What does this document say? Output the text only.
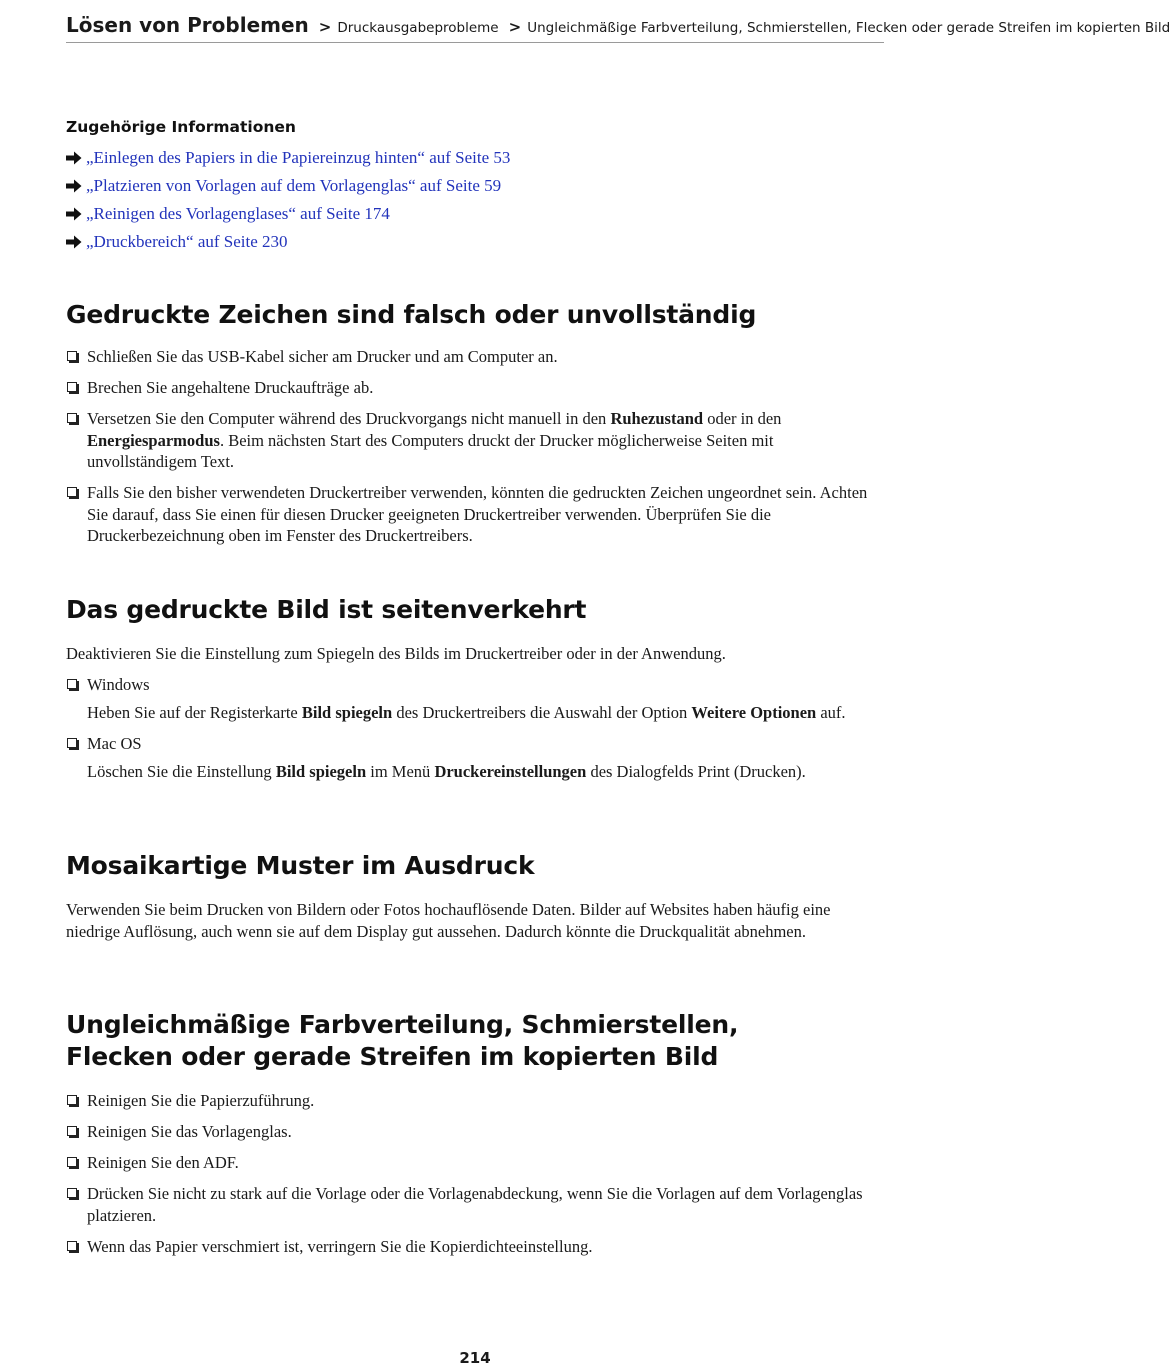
Lösen von Problemen > Druckausgabeprobleme > Ungleichmäßige Farbverteilung, Schmierstellen, Flecken oder gerade Streifen im kopierten Bild
Zugehörige Informationen
„Einlegen des Papiers in die Papiereinzug hinten“ auf Seite 53
„Platzieren von Vorlagen auf dem Vorlagenglas“ auf Seite 59
„Reinigen des Vorlagenglases“ auf Seite 174
„Druckbereich“ auf Seite 230
Gedruckte Zeichen sind falsch oder unvollständig
Schließen Sie das USB-Kabel sicher am Drucker und am Computer an.
Brechen Sie angehaltene Druckaufträge ab.
Versetzen Sie den Computer während des Druckvorgangs nicht manuell in den Ruhezustand oder in den Energiesparmodus. Beim nächsten Start des Computers druckt der Drucker möglicherweise Seiten mit unvollständigem Text.
Falls Sie den bisher verwendeten Druckertreiber verwenden, könnten die gedruckten Zeichen ungeordnet sein. Achten Sie darauf, dass Sie einen für diesen Drucker geeigneten Druckertreiber verwenden. Überprüfen Sie die Druckerbezeichnung oben im Fenster des Druckertreibers.
Das gedruckte Bild ist seitenverkehrt

Deaktivieren Sie die Einstellung zum Spiegeln des Bilds im Druckertreiber oder in der Anwendung.

Windows
Heben Sie auf der Registerkarte Bild spiegeln des Druckertreibers die Auswahl der Option Weitere Optionen auf.
Mac OS
Löschen Sie die Einstellung Bild spiegeln im Menü Druckereinstellungen des Dialogfelds Print (Drucken).
Mosaikartige Muster im Ausdruck

Verwenden Sie beim Drucken von Bildern oder Fotos hochauflösende Daten. Bilder auf Websites haben häufig eine niedrige Auflösung, auch wenn sie auf dem Display gut aussehen. Dadurch könnte die Druckqualität abnehmen.

Ungleichmäßige Farbverteilung, Schmierstellen, Flecken oder gerade Streifen im kopierten Bild
Reinigen Sie die Papierzuführung.
Reinigen Sie das Vorlagenglas.
Reinigen Sie den ADF.
Drücken Sie nicht zu stark auf die Vorlage oder die Vorlagenabdeckung, wenn Sie die Vorlagen auf dem Vorlagenglas platzieren.
Wenn das Papier verschmiert ist, verringern Sie die Kopierdichteeinstellung.
214
